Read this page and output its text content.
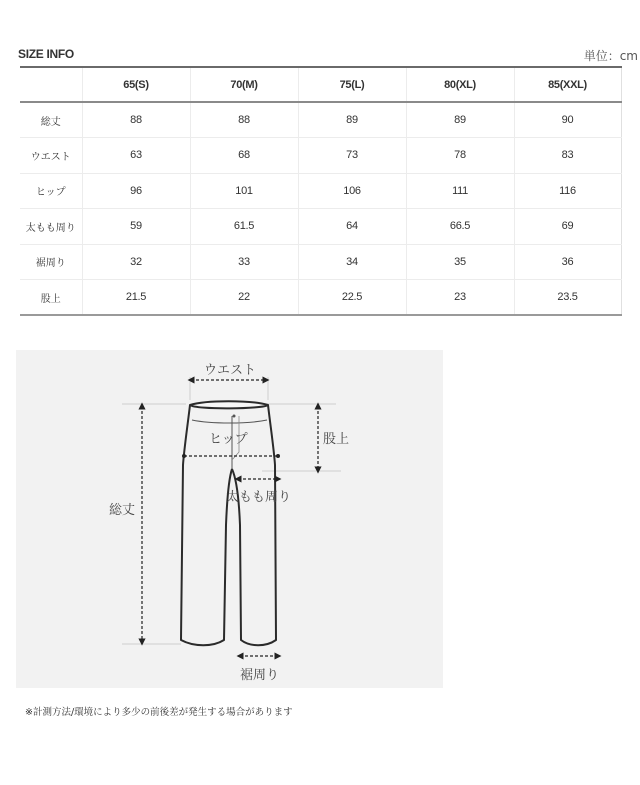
SIZE INFO	単位：cm
	65(S)	70(M)	75(L)	80(XL)	85(XXL)
総丈	88	88	89	89	90
ウエスト	63	68	73	78	83
ヒップ	96	101	106	111	116
太もも周り	59	61.5	64	66.5	69
裾周り	32	33	34	35	36
股上	21.5	22	22.5	23	23.5
ウエスト
ヒップ	股上
太もも周り
総丈
裾周り
※計測方法/環境により多少の前後差が発生する場合があります
